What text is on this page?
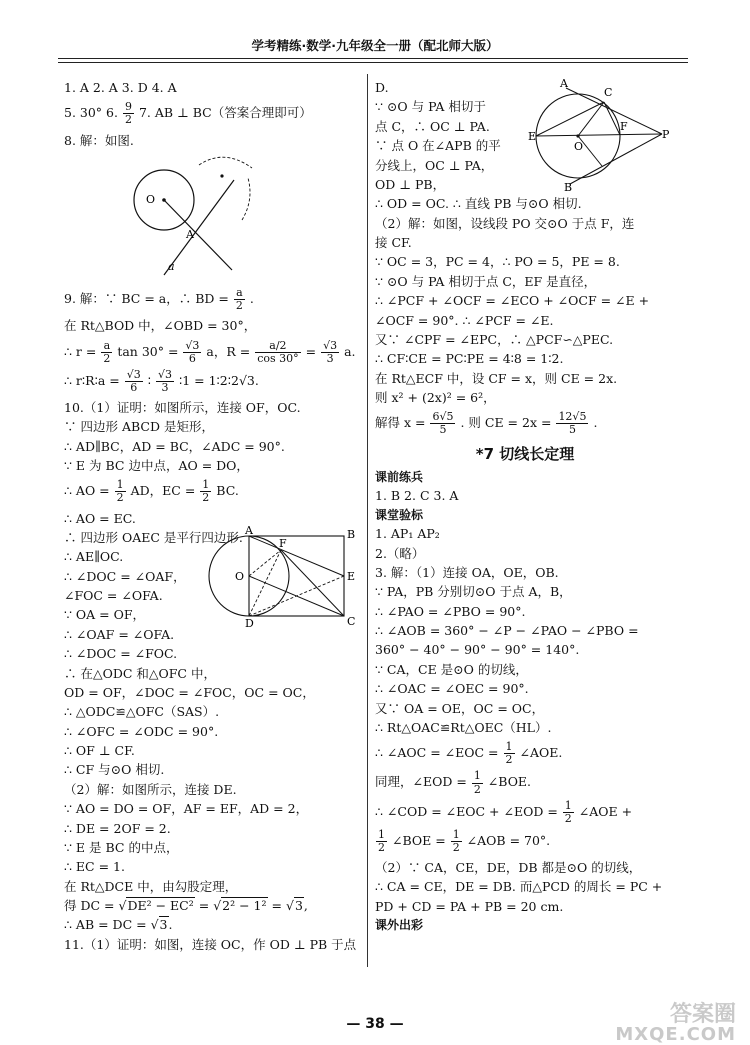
学考精练·数学·九年级全一册（配北师大版）
1. A 2. A 3. D 4. A
5. 30° 6. $\frac{9}{2} 7$. AB ⊥ BC（答案合理即可）
8. 解：如图.
O
A
a
9. 解：∵ BC = a，∴ BD = $\frac{a}{2}$ .
在 Rt△BOD 中，∠OBD = 30°，
∴ $r = \frac{a}{2}$ $\tan 30^\circ = \frac{√3}{6}$ a，$R = \frac{a/2}{\cos 30^\circ} = \frac{√3}{3} a$.
∴ r∶R∶a = $\frac{√3}{6}$ ∶ $\frac{√3}{3}$ ∶1 = 1∶2∶2√3.
10.（1）证明：如图所示，连接 OF，OC.
∵ 四边形 ABCD 是矩形，
∴ AD∥BC，AD = BC，∠ADC = 90°.
∵ E 为 BC 边中点，AO = DO，
∴ AO = $\frac{1}{2}$ AD，EC = $\frac{1}{2}$ BC.
∴ AO = EC.
∴ 四边形 OAEC 是平行四边形.
∴ AE∥OC.
∴ ∠DOC = ∠OAF，
∠FOC = ∠OFA.
∵ OA = OF，
∴ ∠OAF = ∠OFA.
∴ ∠DOC = ∠FOC.
A	B
O
F
E
D	C
∴ 在△ODC 和△OFC 中，
OD = OF，∠DOC = ∠FOC，OC = OC，
∴ △ODC≌△OFC（SAS）.
∴ ∠OFC = ∠ODC = 90°.
∴ OF ⊥ CF.
∴ CF 与⊙O 相切.
（2）解：如图所示，连接 DE.
∵ AO = DO = OF，AF = EF，AD = 2，
∴ DE = 2OF = 2.
∵ E 是 BC 的中点，
∴ EC = 1.
在 Rt△DCE 中，由勾股定理，
得 DC = √DE² − EC² = √2² − 1² = √3,
∴ AB = DC = √3.
11.（1）证明：如图，连接 OC，作 OD ⊥ PB 于点
D.
∵ ⊙O 与 PA 相切于
点 C，∴ OC ⊥ PA.
∵ 点 O 在∠APB 的平
分线上，OC ⊥ PA，
OD ⊥ PB，
A
C
E
O
F
P
B
∴ OD = OC. ∴ 直线 PB 与⊙O 相切.
（2）解：如图，设线段 PO 交⊙O 于点 F，连
接 CF.
∵ OC = 3，PC = 4，∴ PO = 5，PE = 8.
∵ ⊙O 与 PA 相切于点 C，EF 是直径，
∴ ∠PCF + ∠OCF = ∠ECO + ∠OCF = ∠E +
∠OCF = 90°. ∴ ∠PCF = ∠E.
又∵ ∠CPF = ∠EPC，∴ △PCF∽△PEC.
∴ CF∶CE = PC∶PE = 4∶8 = 1∶2.
在 Rt△ECF 中，设 CF = x，则 CE = 2x.
则 x² + (2x)² = 6²，
解得 $x = \frac{6√5}{5}$ . 则 CE = $2x = \frac{12√5}{5}$ .
*7 切线长定理
课前练兵
1. B 2. C 3. A
课堂验标
1. AP₁ AP₂
2.（略）
3. 解：（1）连接 OA，OE，OB.
∵ PA，PB 分别切⊙O 于点 A，B，
∴ ∠PAO = ∠PBO = 90°.
∴ ∠AOB = 360° − ∠P − ∠PAO − ∠PBO =
360° − 40° − 90° − 90° = 140°.
∵ CA，CE 是⊙O 的切线，
∴ ∠OAC = ∠OEC = 90°.
又∵ OA = OE，OC = OC，
∴ Rt△OAC≌Rt△OEC（HL）.
∴ ∠AOC = ∠EOC = $\frac{1}{2}$ ∠AOE.
同理，∠EOD = $\frac{1}{2}$ ∠BOE.
∴ ∠COD = ∠EOC + ∠EOD = $\frac{1}{2}$ ∠AOE +
$\frac{1}{2}$ ∠BOE = $\frac{1}{2}$ ∠AOB = 70°.
（2）∵ CA，CE，DE，DB 都是⊙O 的切线，
∴ CA = CE，DE = DB. 而△PCD 的周长 = PC +
PD + CD = PA + PB = 20 cm.
课外出彩
— 38 —	答案圈
MXQE.COM
